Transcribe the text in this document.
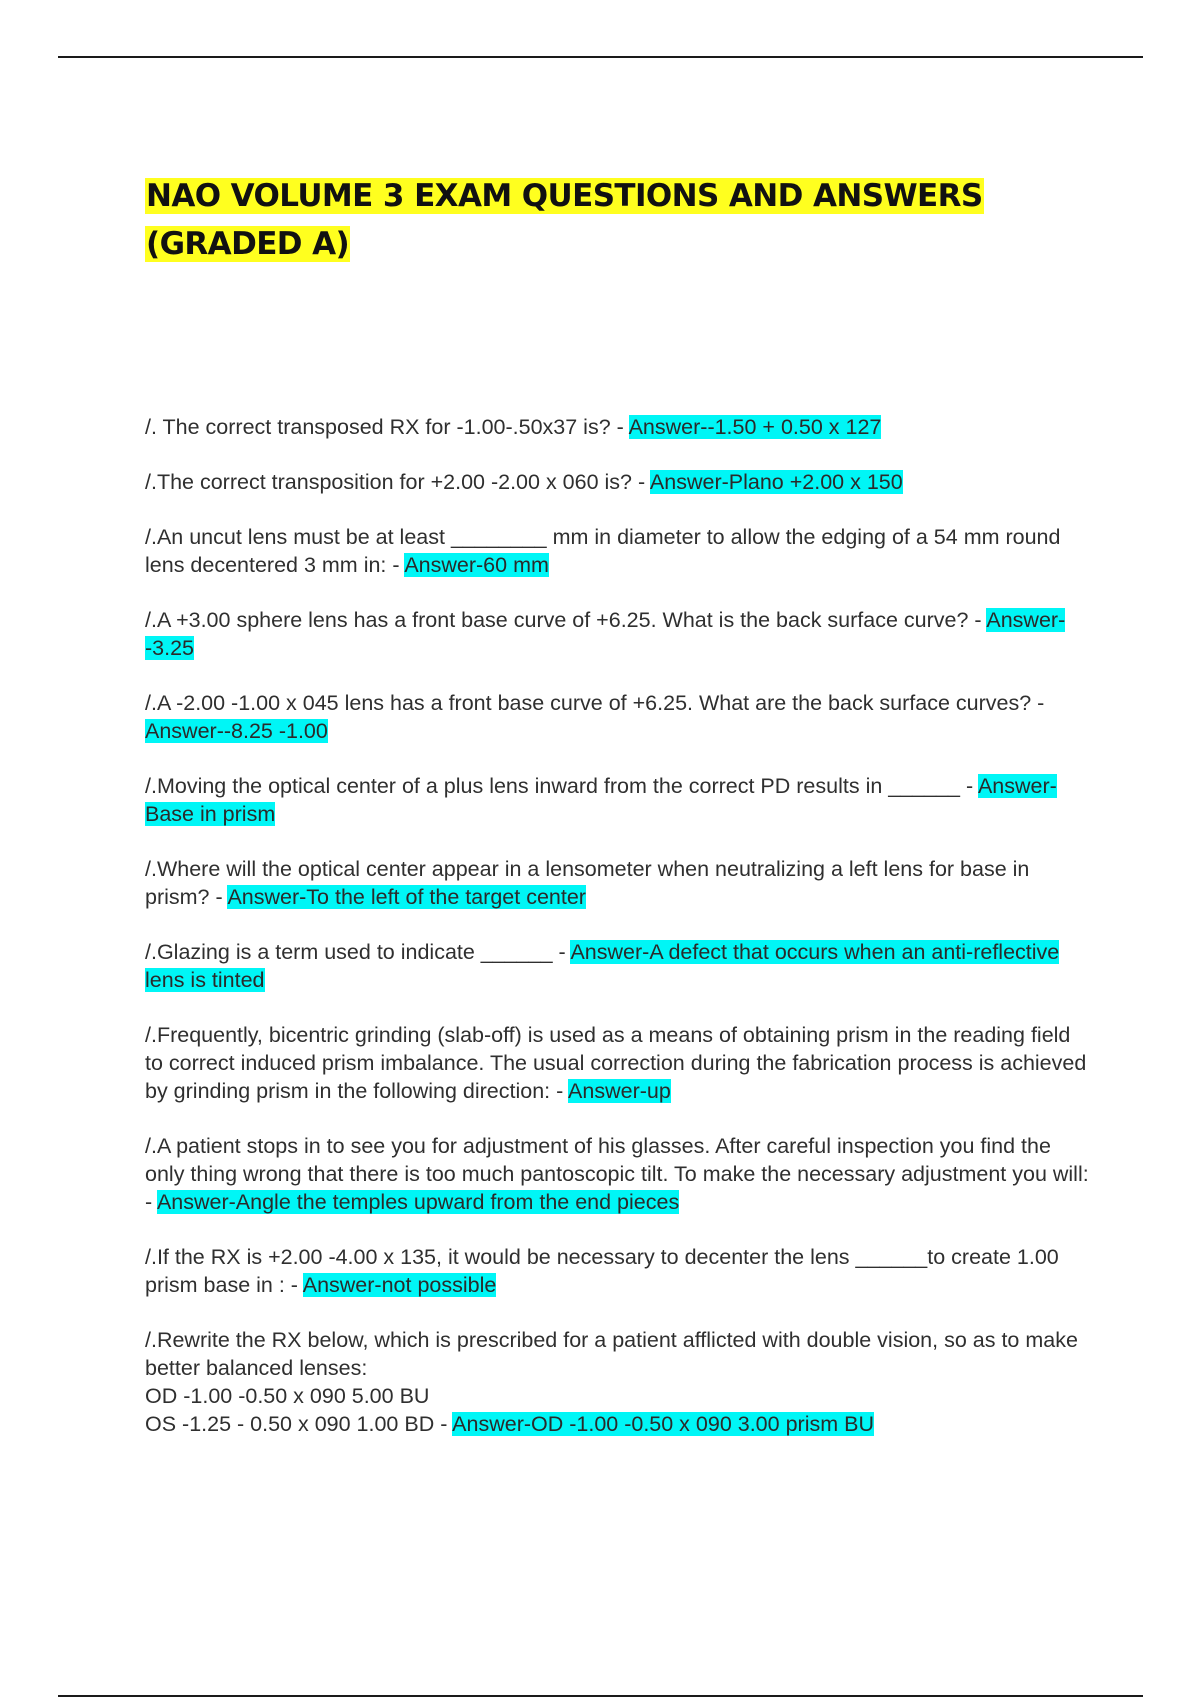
NAO VOLUME 3 EXAM QUESTIONS AND ANSWERS (GRADED A)
/. The correct transposed RX for -1.00-.50x37 is? - Answer--1.50 + 0.50 x 127
/.The correct transposition for +2.00 -2.00 x 060 is? - Answer-Plano +2.00 x 150
/.An uncut lens must be at least ________ mm in diameter to allow the edging of a 54 mm round lens decentered 3 mm in: - Answer-60 mm
/.A +3.00 sphere lens has a front base curve of +6.25. What is the back surface curve? - Answer--3.25
/.A -2.00 -1.00 x 045 lens has a front base curve of +6.25. What are the back surface curves? - Answer--8.25 -1.00
/.Moving the optical center of a plus lens inward from the correct PD results in ______ - Answer-Base in prism
/.Where will the optical center appear in a lensometer when neutralizing a left lens for base in prism? - Answer-To the left of the target center
/.Glazing is a term used to indicate ______ - Answer-A defect that occurs when an anti-reflective lens is tinted
/.Frequently, bicentric grinding (slab-off) is used as a means of obtaining prism in the reading field to correct induced prism imbalance. The usual correction during the fabrication process is achieved by grinding prism in the following direction: - Answer-up
/.A patient stops in to see you for adjustment of his glasses. After careful inspection you find the only thing wrong that there is too much pantoscopic tilt. To make the necessary adjustment you will: - Answer-Angle the temples upward from the end pieces
/.If the RX is +2.00 -4.00 x 135, it would be necessary to decenter the lens ______to create 1.00 prism base in : - Answer-not possible
/.Rewrite the RX below, which is prescribed for a patient afflicted with double vision, so as to make better balanced lenses:
OD -1.00 -0.50 x 090 5.00 BU
OS -1.25 - 0.50 x 090 1.00 BD - Answer-OD -1.00 -0.50 x 090 3.00 prism BU
